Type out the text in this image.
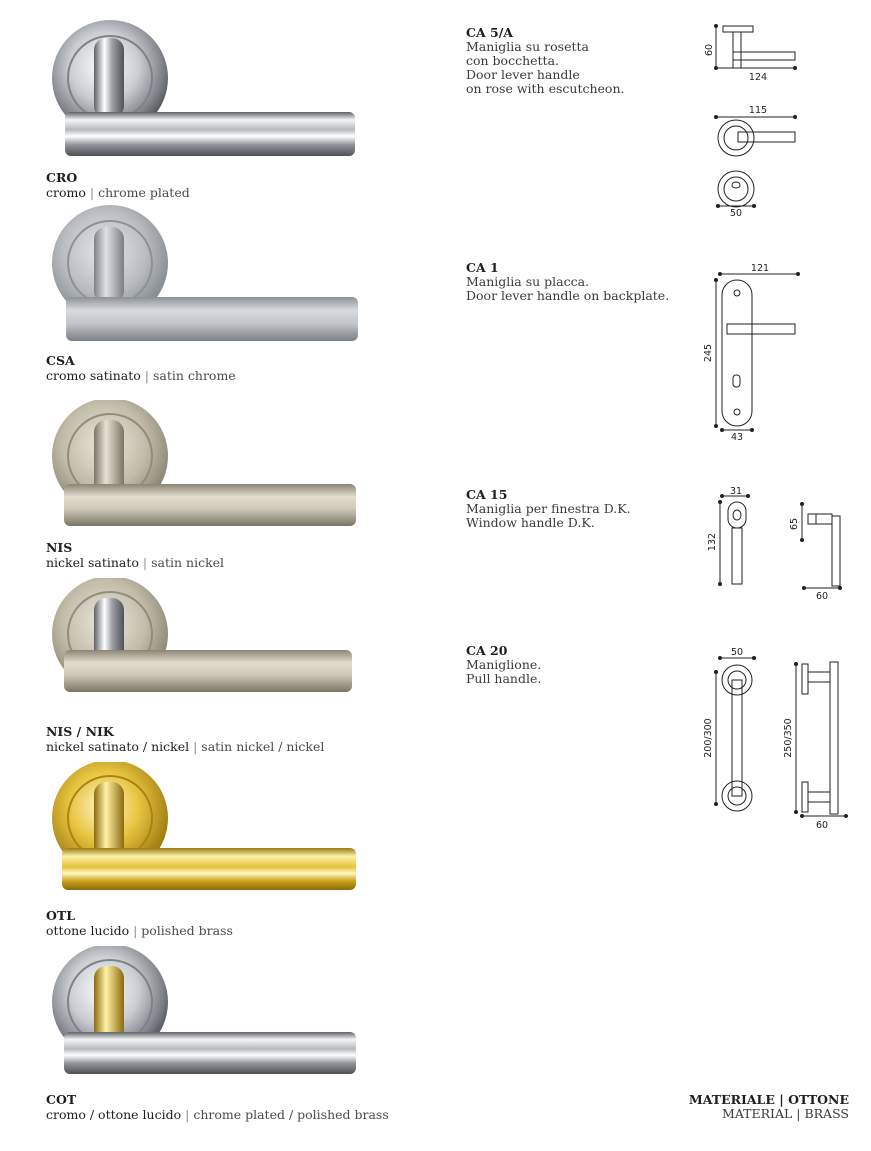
CRO
cromo | chrome plated
CSA
cromo satinato | satin chrome
NIS
nickel satinato | satin nickel
NIS / NIK
nickel satinato / nickel | satin nickel / nickel
OTL
ottone lucido | polished brass
COT
cromo / ottone lucido | chrome plated / polished brass
CA 5/A
Maniglia su rosetta
con bocchetta.
Door lever handle
on rose with escutcheon.
CA 1
Maniglia su placca.
Door lever handle on backplate.
CA 15
Maniglia per finestra D.K.
Window handle D.K.
CA 20
Maniglione.
Pull handle.
60
124
115
50
121
245
43
31
132
65
60
50
200/300	250/350
60
MATERIALE | OTTONE
MATERIAL | BRASS
